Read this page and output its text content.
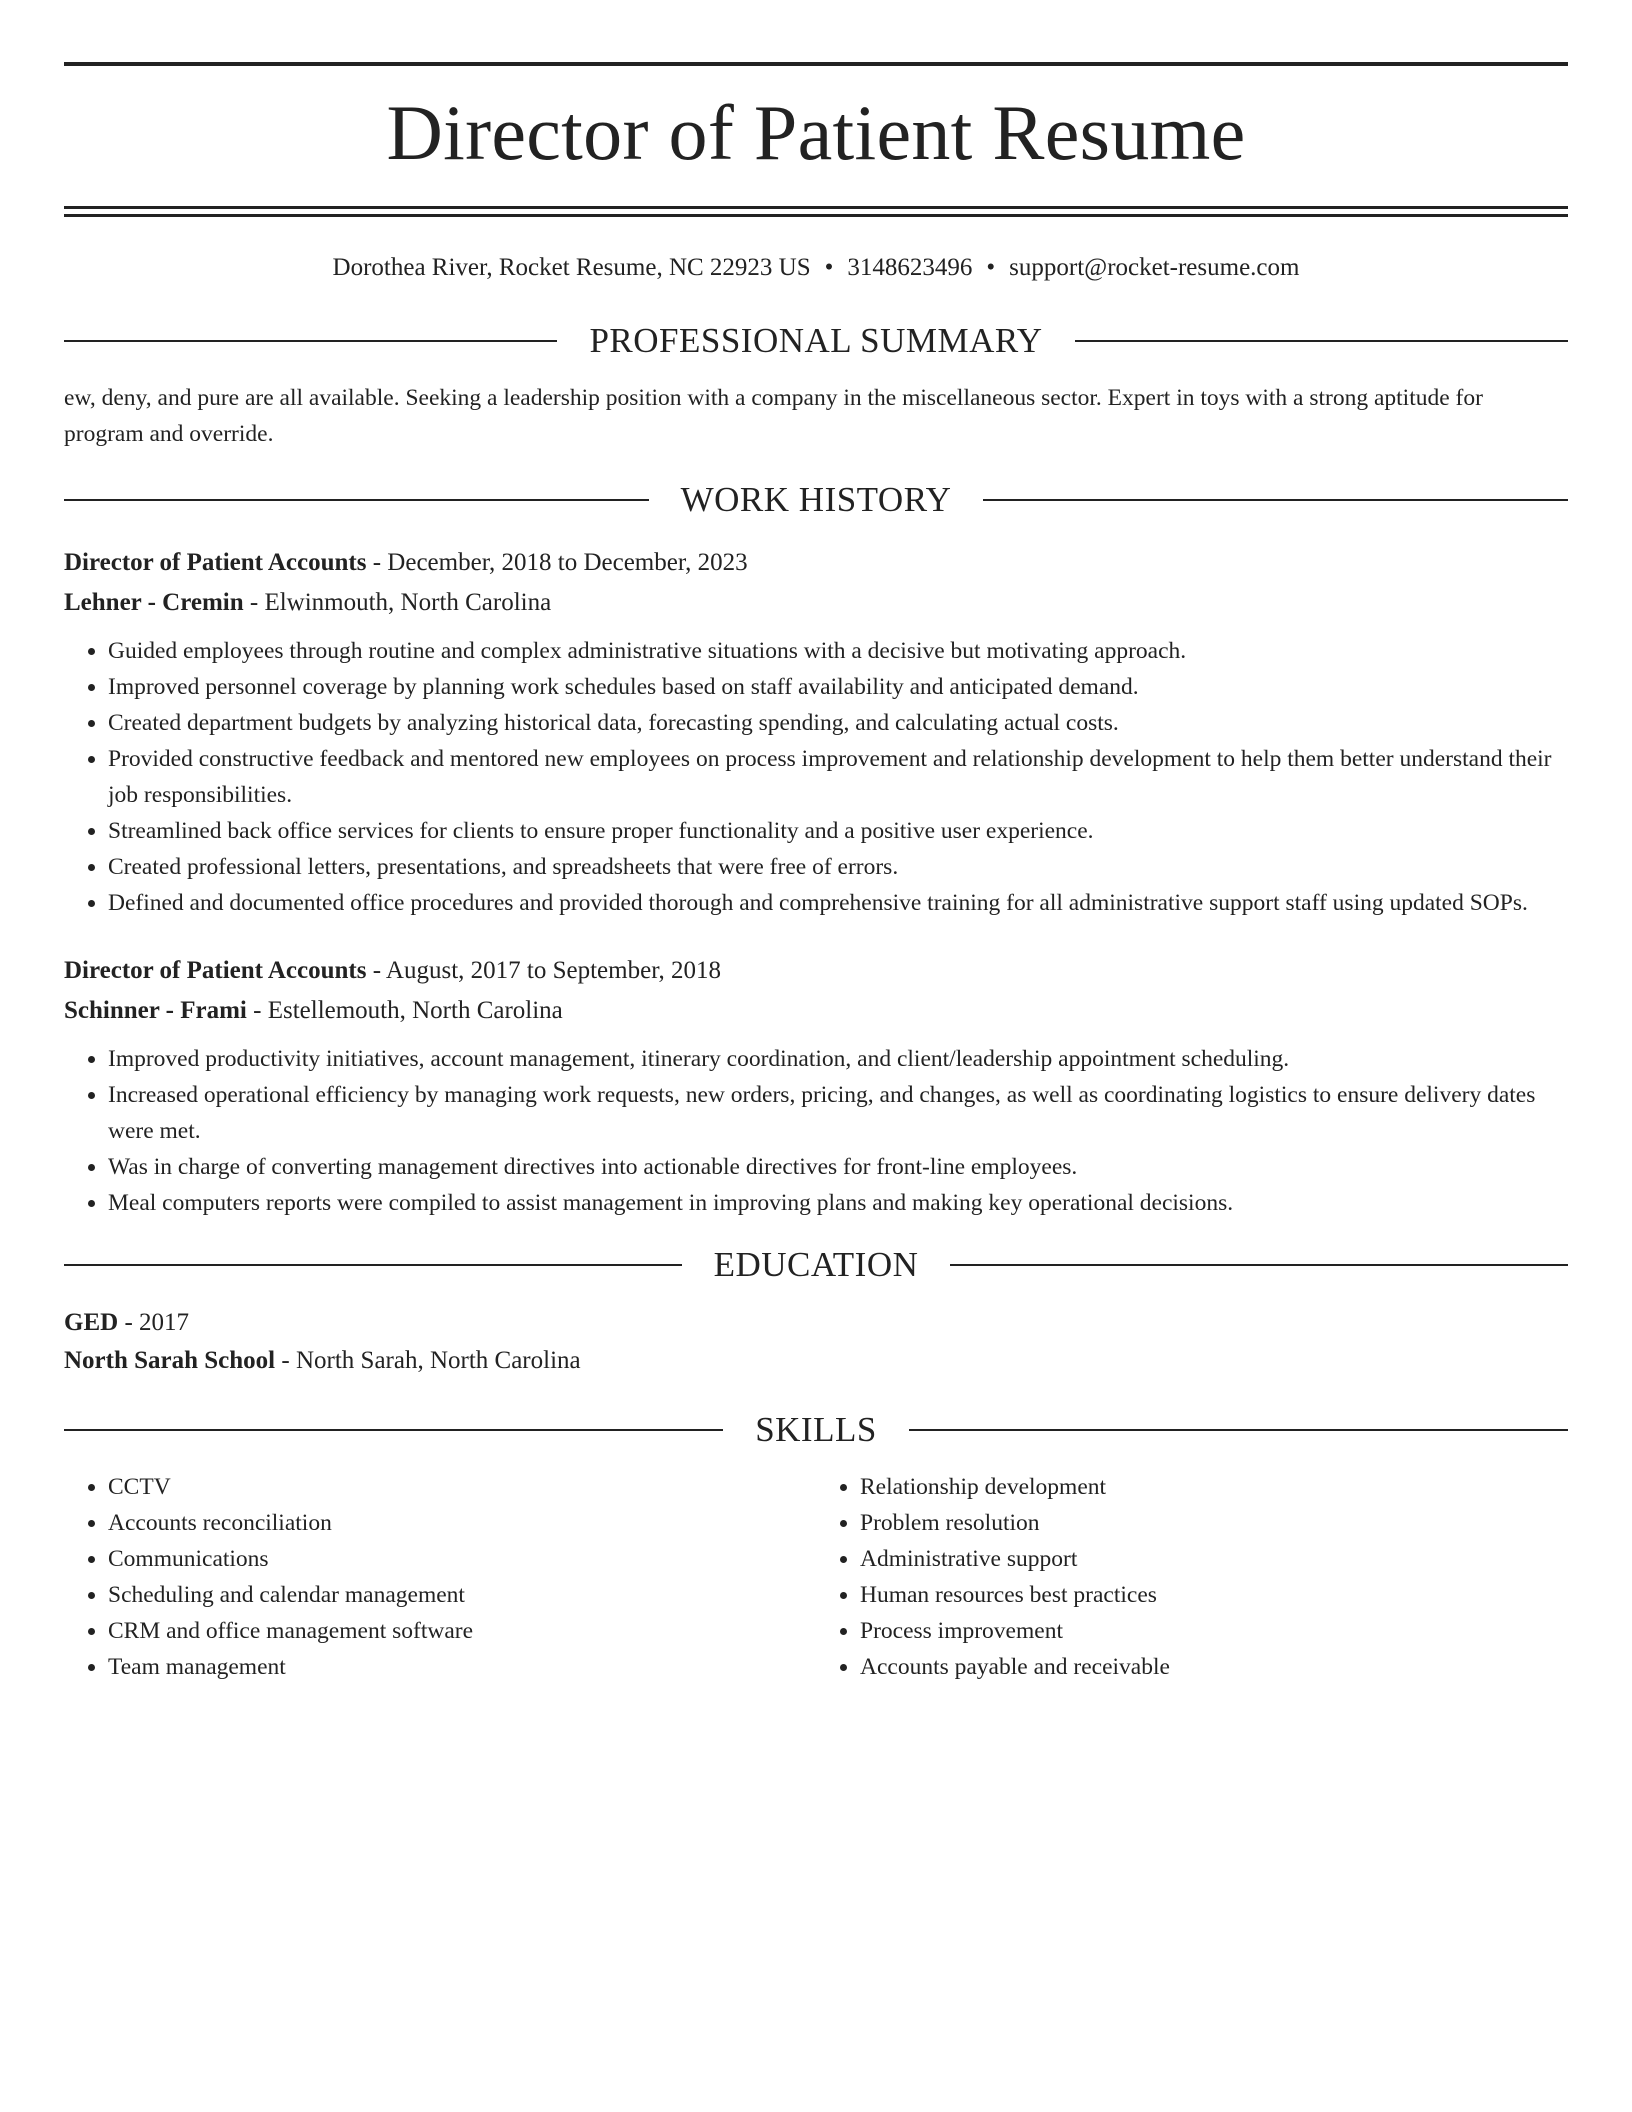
Director of Patient Resume
Dorothea River, Rocket Resume, NC 22923 US • 3148623496 • support@rocket-resume.com
PROFESSIONAL SUMMARY
ew, deny, and pure are all available. Seeking a leadership position with a company in the miscellaneous sector. Expert in toys with a strong aptitude for program and override.
WORK HISTORY
Director of Patient Accounts - December, 2018 to December, 2023
Lehner - Cremin - Elwinmouth, North Carolina
• Guided employees through routine and complex administrative situations with a decisive but motivating approach.
• Improved personnel coverage by planning work schedules based on staff availability and anticipated demand.
• Created department budgets by analyzing historical data, forecasting spending, and calculating actual costs.
• Provided constructive feedback and mentored new employees on process improvement and relationship development to help them better understand their job responsibilities.
• Streamlined back office services for clients to ensure proper functionality and a positive user experience.
• Created professional letters, presentations, and spreadsheets that were free of errors.
• Defined and documented office procedures and provided thorough and comprehensive training for all administrative support staff using updated SOPs.
Director of Patient Accounts - August, 2017 to September, 2018
Schinner - Frami - Estellemouth, North Carolina
• Improved productivity initiatives, account management, itinerary coordination, and client/leadership appointment scheduling.
• Increased operational efficiency by managing work requests, new orders, pricing, and changes, as well as coordinating logistics to ensure delivery dates were met.
• Was in charge of converting management directives into actionable directives for front-line employees.
• Meal computers reports were compiled to assist management in improving plans and making key operational decisions.
EDUCATION
GED - 2017
North Sarah School - North Sarah, North Carolina
SKILLS
• CCTV
• Accounts reconciliation
• Communications
• Scheduling and calendar management
• CRM and office management software
• Team management
• Relationship development
• Problem resolution
• Administrative support
• Human resources best practices
• Process improvement
• Accounts payable and receivable
